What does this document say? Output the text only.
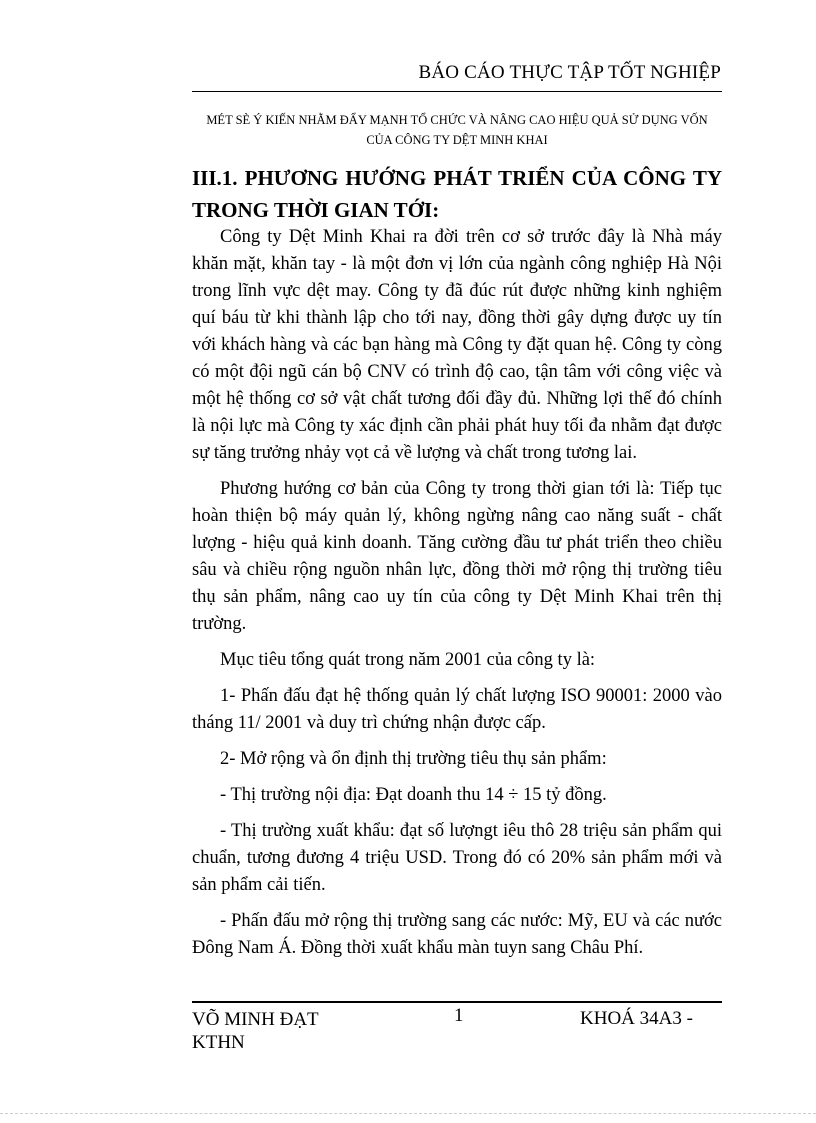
BÁO CÁO THỰC TẬP TỐT NGHIỆP
MÉT SÈ Ý KIẾN NHẰM ĐẨY MẠNH TỔ CHỨC VÀ NÂNG CAO HIỆU QUẢ SỬ DỤNG VỐN CỦA CÔNG TY DỆT MINH KHAI
III.1. PHƯƠNG HƯỚNG PHÁT TRIỂN CỦA CÔNG TY TRONG THỜI GIAN TỚI:

Công ty Dệt Minh Khai ra đời trên cơ sở trước đây là Nhà máy khăn mặt, khăn tay - là một đơn vị lớn của ngành công nghiệp Hà Nội trong lĩnh vực dệt may. Công ty đã đúc rút được những kinh nghiệm quí báu từ khi thành lập cho tới nay, đồng thời gây dựng được uy tín với khách hàng và các bạn hàng mà Công ty đặt quan hệ. Công ty còng có một đội ngũ cán bộ CNV có trình độ cao, tận tâm với công việc và một hệ thống cơ sở vật chất tương đối đầy đủ. Những lợi thế đó chính là nội lực mà Công ty xác định cần phải phát huy tối đa nhằm đạt được sự tăng trưởng nhảy vọt cả về lượng và chất trong tương lai.

Phương hướng cơ bản của Công ty trong thời gian tới là: Tiếp tục hoàn thiện bộ máy quản lý, không ngừng nâng cao năng suất - chất lượng - hiệu quả kinh doanh. Tăng cường đầu tư phát triển theo chiều sâu và chiều rộng nguồn nhân lực, đồng thời mở rộng thị trường tiêu thụ sản phẩm, nâng cao uy tín của công ty Dệt Minh Khai trên thị trường.

Mục tiêu tổng quát trong năm 2001 của công ty là:

1- Phấn đấu đạt hệ thống quản lý chất lượng ISO 90001: 2000 vào tháng 11/ 2001 và duy trì chứng nhận được cấp.

2- Mở rộng và ổn định thị trường tiêu thụ sản phẩm:

- Thị trường nội địa: Đạt doanh thu 14 ÷ 15 tỷ đồng.

- Thị trường xuất khẩu: đạt số lượngt iêu thô 28 triệu sản phẩm qui chuẩn, tương đương 4 triệu USD. Trong đó có 20% sản phẩm mới và sản phẩm cải tiến.

- Phấn đấu mở rộng thị trường sang các nước: Mỹ, EU và các nước Đông Nam Á. Đồng thời xuất khẩu màn tuyn sang Châu Phí.

VÕ MINH ĐẠT KTHN
1	KHOÁ 34A3 -
